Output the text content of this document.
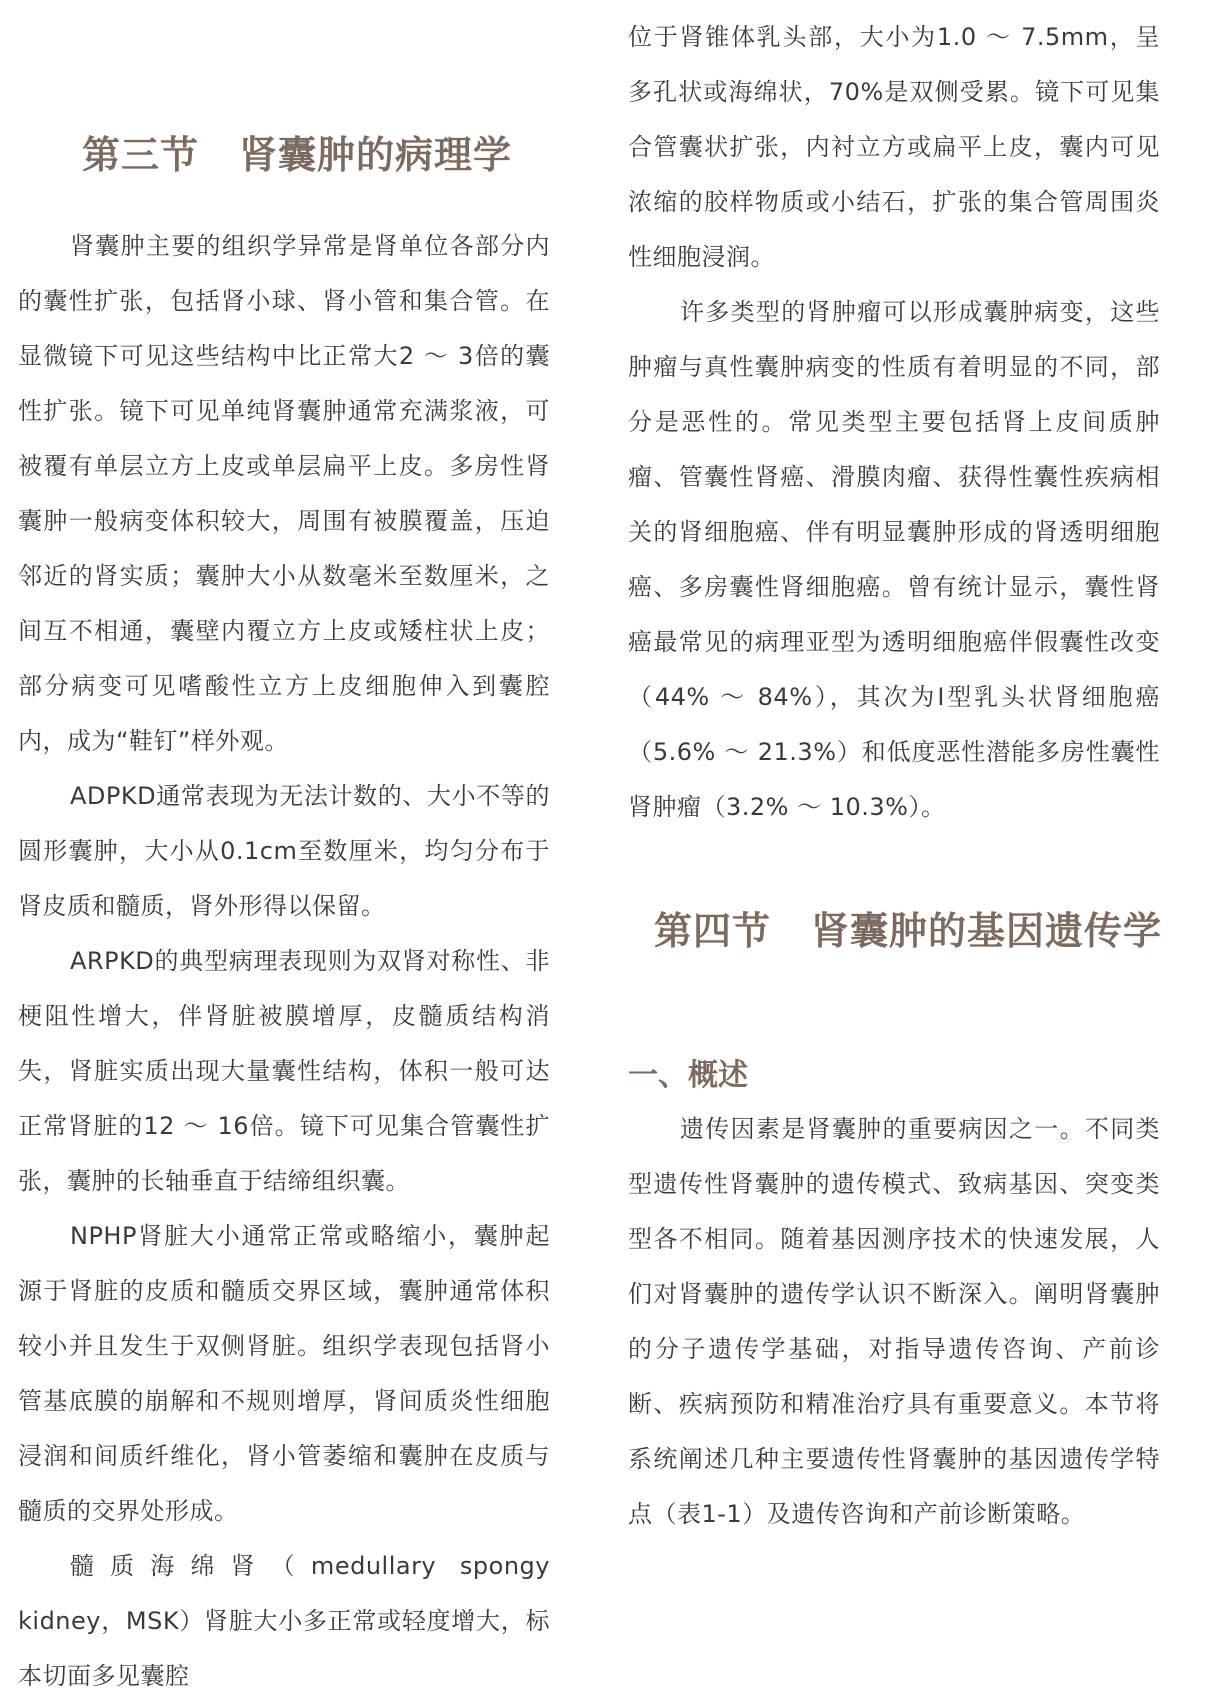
第三节 肾囊肿的病理学

肾囊肿主要的组织学异常是肾单位各部分内的囊性扩张，包括肾小球、肾小管和集合管。在显微镜下可见这些结构中比正常大2 ～ 3倍的囊性扩张。镜下可见单纯肾囊肿通常充满浆液，可被覆有单层立方上皮或单层扁平上皮。多房性肾囊肿一般病变体积较大，周围有被膜覆盖，压迫邻近的肾实质；囊肿大小从数毫米至数厘米，之间互不相通，囊壁内覆立方上皮或矮柱状上皮；部分病变可见嗜酸性立方上皮细胞伸入到囊腔内，成为“鞋钉”样外观。

ADPKD通常表现为无法计数的、大小不等的圆形囊肿，大小从0.1cm至数厘米，均匀分布于肾皮质和髓质，肾外形得以保留。

ARPKD的典型病理表现则为双肾对称性、非梗阻性增大，伴肾脏被膜增厚，皮髓质结构消失，肾脏实质出现大量囊性结构，体积一般可达正常肾脏的12 ～ 16倍。镜下可见集合管囊性扩张，囊肿的长轴垂直于结缔组织囊。

NPHP肾脏大小通常正常或略缩小，囊肿起源于肾脏的皮质和髓质交界区域，囊肿通常体积较小并且发生于双侧肾脏。组织学表现包括肾小管基底膜的崩解和不规则增厚，肾间质炎性细胞浸润和间质纤维化，肾小管萎缩和囊肿在皮质与髓质的交界处形成。

髓质海绵肾（medullary spongy kidney，MSK）肾脏大小多正常或轻度增大，标本切面多见囊腔

位于肾锥体乳头部，大小为1.0 ～ 7.5mm，呈多孔状或海绵状，70%是双侧受累。镜下可见集合管囊状扩张，内衬立方或扁平上皮，囊内可见浓缩的胶样物质或小结石，扩张的集合管周围炎性细胞浸润。

许多类型的肾肿瘤可以形成囊肿病变，这些肿瘤与真性囊肿病变的性质有着明显的不同，部分是恶性的。常见类型主要包括肾上皮间质肿瘤、管囊性肾癌、滑膜肉瘤、获得性囊性疾病相关的肾细胞癌、伴有明显囊肿形成的肾透明细胞癌、多房囊性肾细胞癌。曾有统计显示，囊性肾癌最常见的病理亚型为透明细胞癌伴假囊性改变（44% ～ 84%），其次为Ⅰ型乳头状肾细胞癌（5.6% ～ 21.3%）和低度恶性潜能多房性囊性肾肿瘤（3.2% ～ 10.3%）。

第四节 肾囊肿的基因遗传学
一、概述

遗传因素是肾囊肿的重要病因之一。不同类型遗传性肾囊肿的遗传模式、致病基因、突变类型各不相同。随着基因测序技术的快速发展，人们对肾囊肿的遗传学认识不断深入。阐明肾囊肿的分子遗传学基础，对指导遗传咨询、产前诊断、疾病预防和精准治疗具有重要意义。本节将系统阐述几种主要遗传性肾囊肿的基因遗传学特点（表1-1）及遗传咨询和产前诊断策略。
